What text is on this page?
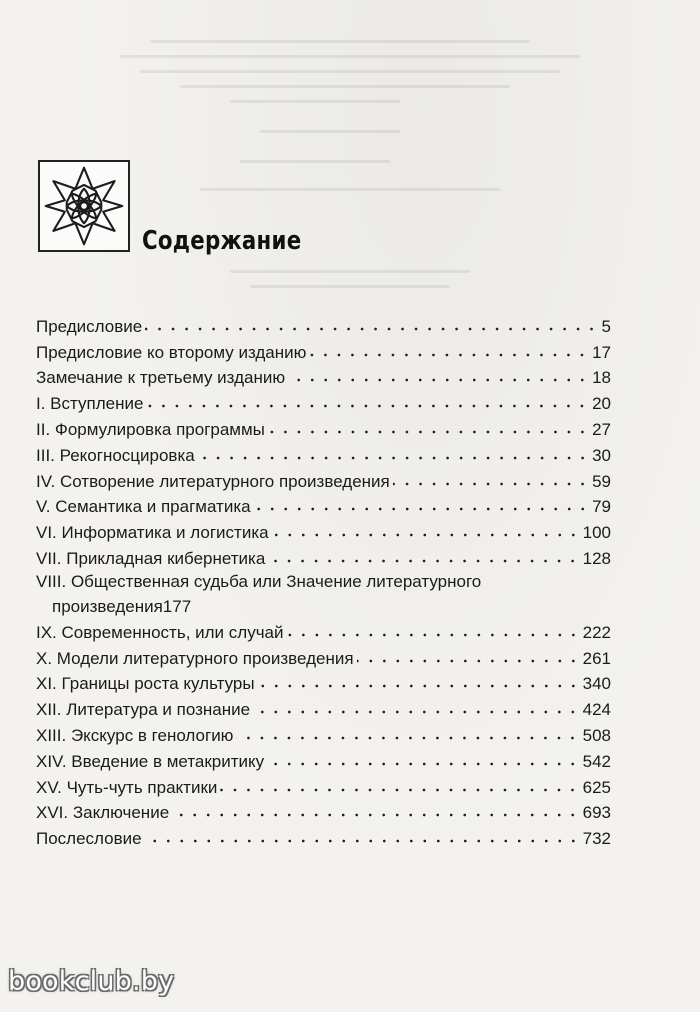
Содержание
Предисловие	5
Предисловие ко второму изданию	17
Замечание к третьему изданию	18
I. Вступление	20
II. Формулировка программы	27
III. Рекогносцировка	30
IV. Сотворение литературного произведения	59
V. Семантика и прагматика	79
VI. Информатика и логистика	100
VII. Прикладная кибернетика	128
VIII. Общественная судьба или Значение литературного
произведения 177
IX. Современность, или случай	222
X. Модели литературного произведения	261
XI. Границы роста культуры	340
XII. Литература и познание	424
XIII. Экскурс в генологию	508
XIV. Введение в метакритику	542
XV. Чуть-чуть практики	625
XVI. Заключение	693
Послесловие	732
bookclub.by
